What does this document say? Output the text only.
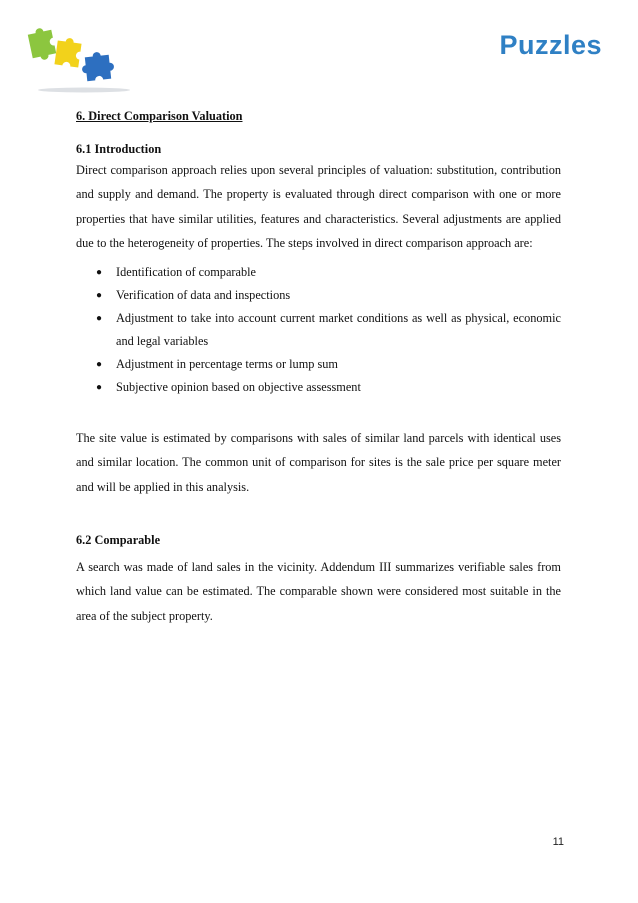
Puzzles
6. Direct Comparison Valuation
6.1 Introduction

Direct comparison approach relies upon several principles of valuation: substitution, contribution and supply and demand. The property is evaluated through direct comparison with one or more properties that have similar utilities, features and characteristics. Several adjustments are applied due to the heterogeneity of properties. The steps involved in direct comparison approach are:

● Identification of comparable
● Verification of data and inspections
● Adjustment to take into account current market conditions as well as physical, economic and legal variables
● Adjustment in percentage terms or lump sum
● Subjective opinion based on objective assessment

The site value is estimated by comparisons with sales of similar land parcels with identical uses and similar location. The common unit of comparison for sites is the sale price per square meter and will be applied in this analysis.

6.2 Comparable

A search was made of land sales in the vicinity. Addendum III summarizes verifiable sales from which land value can be estimated. The comparable shown were considered most suitable in the area of the subject property.

11
